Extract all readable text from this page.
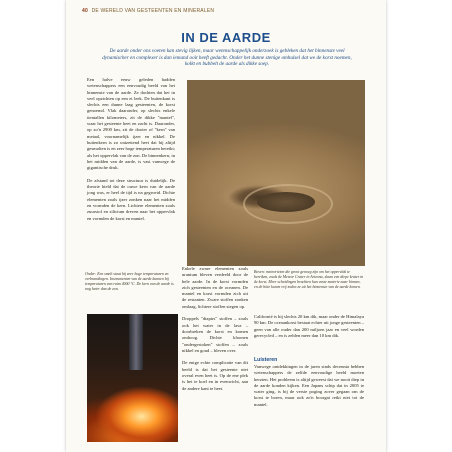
40 DE WERELD VAN GESTEENTEN EN MINERALEN
IN DE AARDE
De aarde onder ons voeten kan stevig lijken, maar wetenschappelijk onderzoek is gebleken dat het binnenste veel dynamischer en complexer is dan iemand ooit heeft gedacht. Onder het dunne stenige omhulsel dat we de korst noemen, kolkt en bubbelt de aarde als dikke soep.
Een halve eeuw geleden hadden wetenschappers een eenvoudig beeld van het binnenste van de aarde. Ze dachten dat het in veel opzichten op een ei leek. De buitenkant is slechts een dunne laag gesteenten, de korst genoemd. Vlak daaronder, op slechts enkele tientallen kilometers, zit de dikke "mantel", waar het gesteente heet en zacht is. Daaronder, op zo'n 2900 km, zit de dooier of "kern" van metaal, voornamelijk ijzer en nikkel. De buitenkern is zo ontzettend heet dat hij altijd gesmolten is en zeer hoge temperaturen bereikt; als het oppervlak van de zon. De binnenkern, in het midden van de aarde, is vast vanwege de gigantische druk.

De afstand tot deze structuur is duidelijk. De theorie hield dat de ouwe kern van de aarde jong was, er heel de tijd is na gegroeid. Dichte elementen zoals ijzer zonken naar het midden en vormden de kern. Lichtere elementen zoals zuurstof en silicium dreven naar het oppervlak en vormden de korst en mantel.
Onder: Een smelt staat bij zeer hoge temperaturen en verbrandingen. Instrumenten van de aarde kunnen bij temperaturen van ruim 4000 °C. De kern van de aarde is nog heter dan de zon.
Enkele zware elementen zoals uranium bleven verdeeld door de hele aarde. In de korst vormden zich gesteenten en de oceanen. De mantel en korst vormden zich uit de restanten. Zware stoffen zonken omlaag, lichtere stoffen stegen op.

Droppels "diapirs" stoffen – zoals ook het water in de lava – doorbreken de korst en komen omhoog. Dichte kloonen "ondergestoken" stoffen – zoals nikkel en goud – bleven over.

De enige echte complicatie van dit beeld is dat het gesteente niet overal even heet is. Op de ene plek is het te koel en in evenwicht, aan de andere kant te heet.
Boven: meteorieten die groot genoeg zijn om het oppervlak te bereiken, zoals de Meteor Crater in Arizona, slaan een diepe krater in de korst. Meer scheidingen brachten hun vaste materie naar binnen, en de hitte kwam vrij zodra ze uit het binnenste van de aarde komen.
Californië is bij slechts 20 km dik, maar onder de Himalaya 90 km. De oceaankorst bestaat echter uit jonge gesteenten – geen van alle ouder dan 200 miljoen jaar en veel worden gerecycled – en is zelden meer dan 10 km dik.
Luisteren
Vanwege ontdekkingen in de jaren sinds decennia hebben wetenschappers de zelfde eenvoudige beeld moeten herzien. Het probleem is altijd geweest dat we nooit diep in de aarde konden kijken. Een Japans schip dat in 2005 te water ging, is bij de verste poging zover gegaan om de korst te boren, maar ook zo'n boorgat reikt niet tot de mantel.
